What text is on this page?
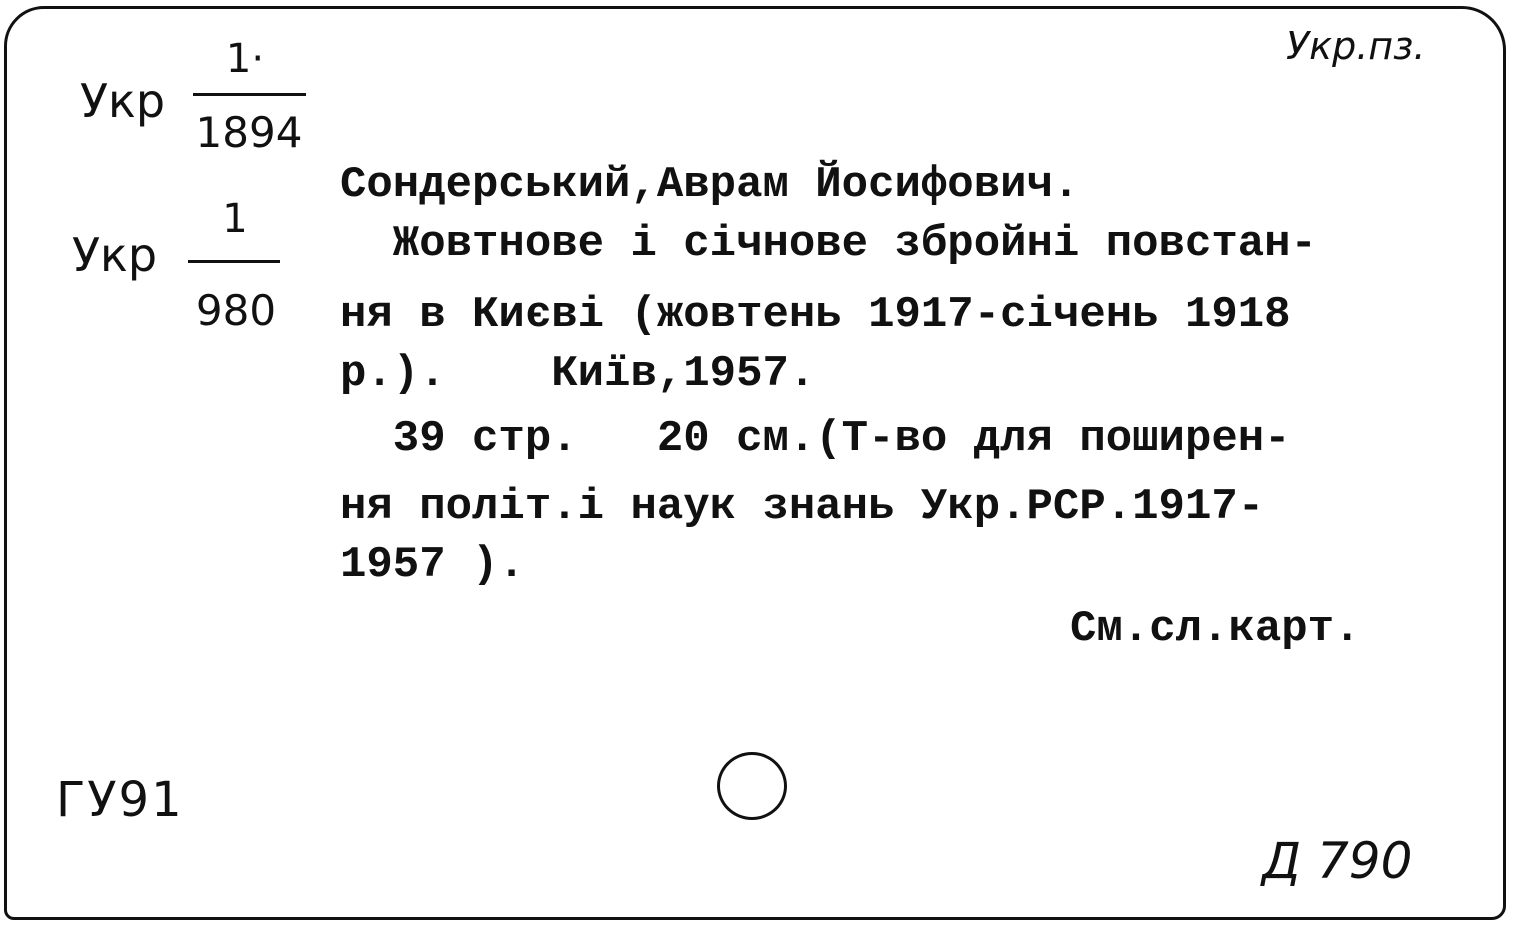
Укр.пз.
Укр
1·
1894
Укр
1
980
Сондерський,Аврам Йосифович.
Жовтнове і січнове збройні повстан-
ня в Києві (жовтень 1917-січень 1918
р.).    Київ,1957.
39 стр.   20 см.(Т-во для поширен-
ня політ.і наук знань Укр.РСР.1917-
1957 ).
См.сл.карт.
ГУ91
Д 790
